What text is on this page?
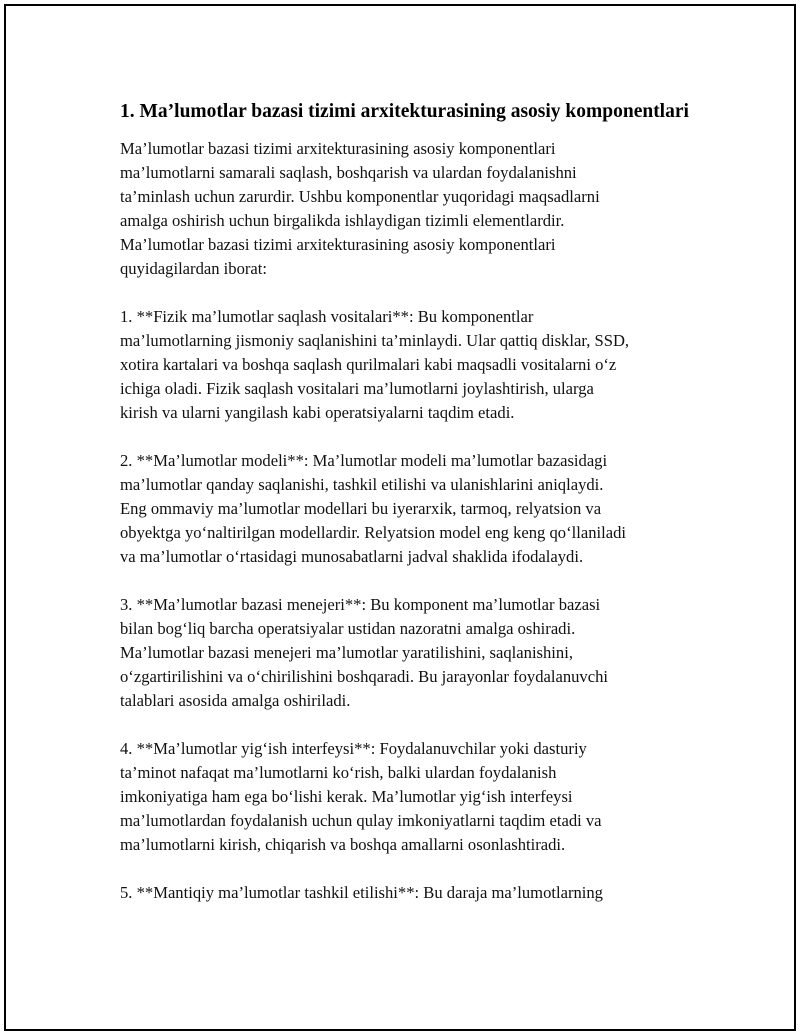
1. Ma’lumotlar bazasi tizimi arxitekturasining asosiy komponentlari

Ma’lumotlar bazasi tizimi arxitekturasining asosiy komponentlari
ma’lumotlarni samarali saqlash, boshqarish va ulardan foydalanishni
ta’minlash uchun zarurdir. Ushbu komponentlar yuqoridagi maqsadlarni
amalga oshirish uchun birgalikda ishlaydigan tizimli elementlardir.
Ma’lumotlar bazasi tizimi arxitekturasining asosiy komponentlari
quyidagilardan iborat:

1. **Fizik ma’lumotlar saqlash vositalari**: Bu komponentlar
ma’lumotlarning jismoniy saqlanishini ta’minlaydi. Ular qattiq disklar, SSD,
xotira kartalari va boshqa saqlash qurilmalari kabi maqsadli vositalarni o‘z
ichiga oladi. Fizik saqlash vositalari ma’lumotlarni joylashtirish, ularga
kirish va ularni yangilash kabi operatsiyalarni taqdim etadi.

2. **Ma’lumotlar modeli**: Ma’lumotlar modeli ma’lumotlar bazasidagi
ma’lumotlar qanday saqlanishi, tashkil etilishi va ulanishlarini aniqlaydi.
Eng ommaviy ma’lumotlar modellari bu iyerarxik, tarmoq, relyatsion va
obyektga yo‘naltirilgan modellardir. Relyatsion model eng keng qo‘llaniladi
va ma’lumotlar o‘rtasidagi munosabatlarni jadval shaklida ifodalaydi.

3. **Ma’lumotlar bazasi menejeri**: Bu komponent ma’lumotlar bazasi
bilan bog‘liq barcha operatsiyalar ustidan nazoratni amalga oshiradi.
Ma’lumotlar bazasi menejeri ma’lumotlar yaratilishini, saqlanishini,
o‘zgartirilishini va o‘chirilishini boshqaradi. Bu jarayonlar foydalanuvchi
talablari asosida amalga oshiriladi.

4. **Ma’lumotlar yig‘ish interfeysi**: Foydalanuvchilar yoki dasturiy
ta’minot nafaqat ma’lumotlarni ko‘rish, balki ulardan foydalanish
imkoniyatiga ham ega bo‘lishi kerak. Ma’lumotlar yig‘ish interfeysi
ma’lumotlardan foydalanish uchun qulay imkoniyatlarni taqdim etadi va
ma’lumotlarni kirish, chiqarish va boshqa amallarni osonlashtiradi.

5. **Mantiqiy ma’lumotlar tashkil etilishi**: Bu daraja ma’lumotlarning
